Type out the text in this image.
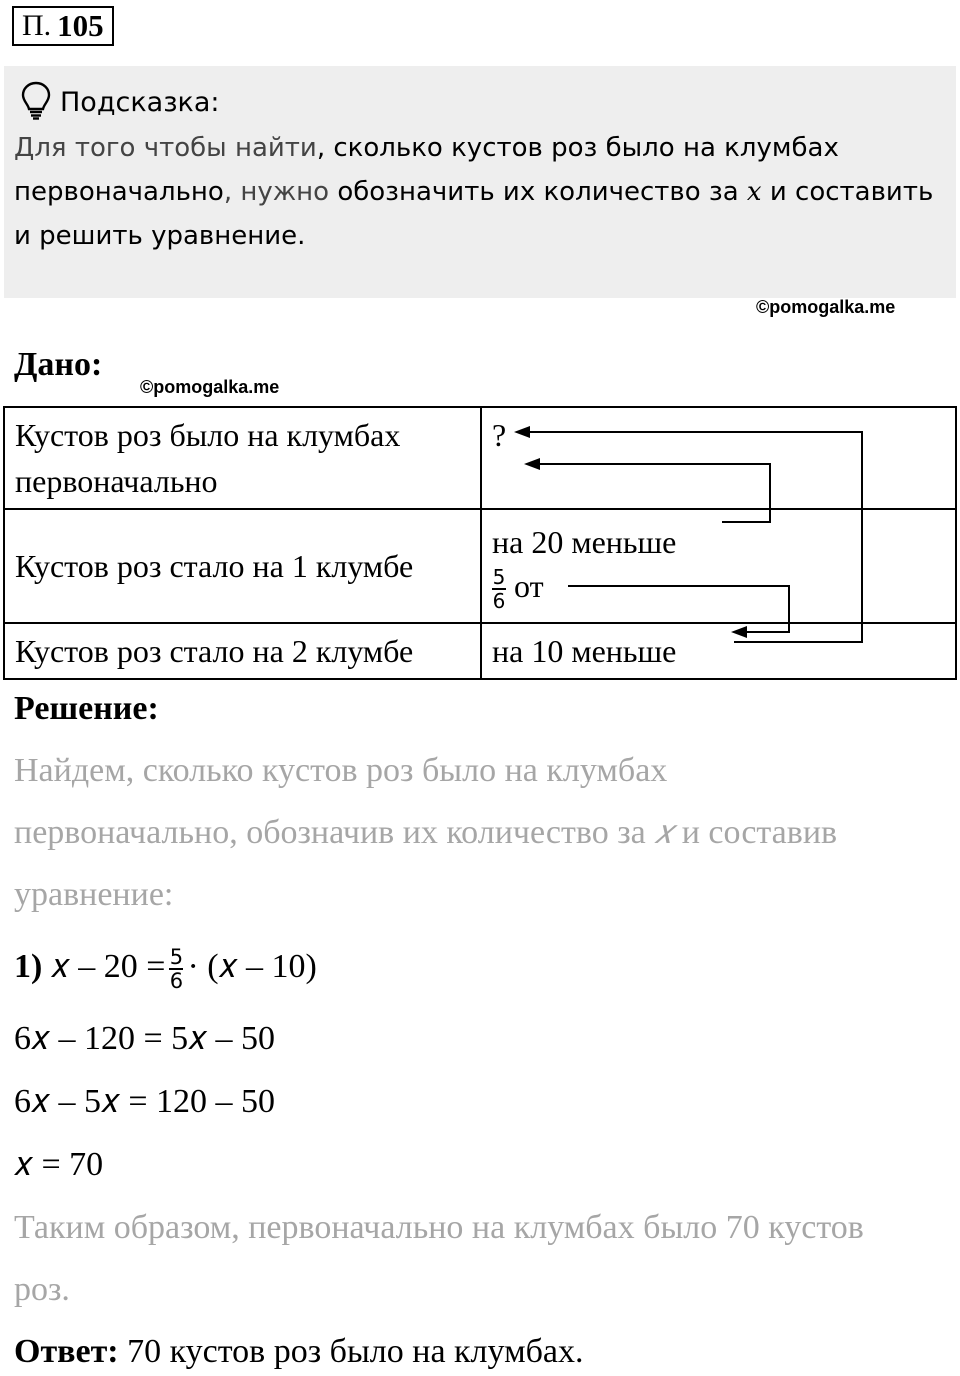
П. 105
Подсказка:
Для того чтобы найти, сколько кустов роз было на клумбах первоначально, нужно обозначить их количество за 𝑥 и составить и решить уравнение.
©pomogalka.me
Дано:
©pomogalka.me
Кустов роз было на клумбах первоначально	?
Кустов роз стало на 1 клумбе	на 20 меньше
$\frac{5}{6}$ от

Кустов роз стало на 2 клумбе	на 10 меньше
Решение:
Найдем, сколько кустов роз было на клумбах
первоначально, обозначив их количество за 𝑥 и составив
уравнение:
1) 𝑥 – $20 = \frac{5}{6}$ · (𝑥 – 10)
6𝑥 – 120 = 5𝑥 – 50
6𝑥 – 5𝑥 = 120 – 50
𝑥 = 70
Таким образом, первоначально на клумбах было 70 кустов
роз.
Ответ: 70 кустов роз было на клумбах.
